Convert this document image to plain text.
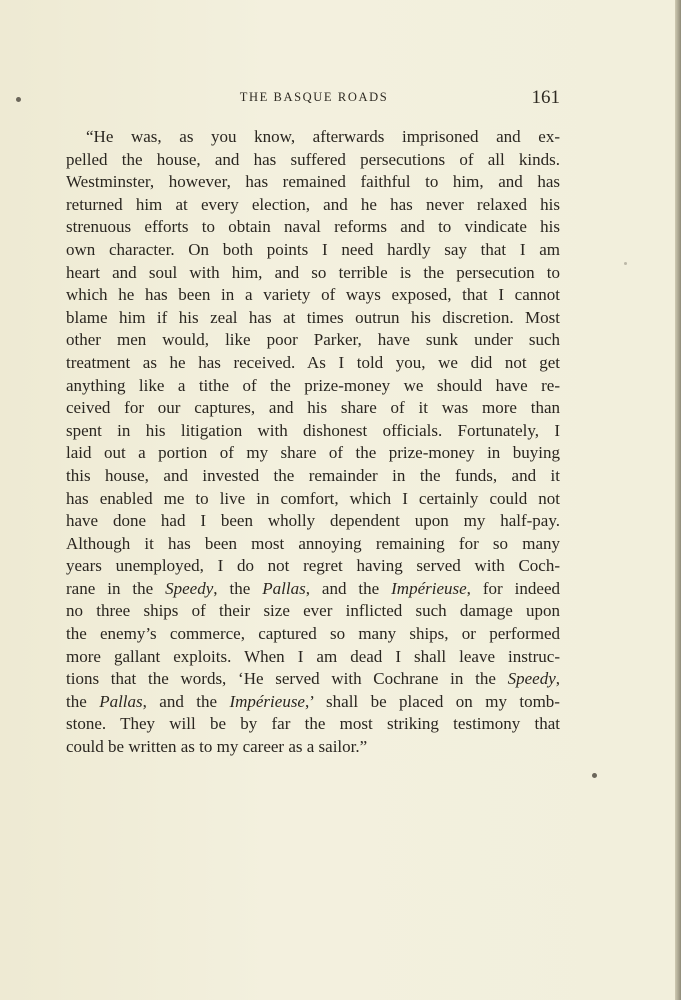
THE BASQUE ROADS	161

“He was, as you know, afterwards imprisoned and ex-
pelled the house, and has suffered persecutions of all kinds.
Westminster, however, has remained faithful to him, and has
returned him at every election, and he has never relaxed his
strenuous efforts to obtain naval reforms and to vindicate his
own character. On both points I need hardly say that I am
heart and soul with him, and so terrible is the persecution to
which he has been in a variety of ways exposed, that I cannot
blame him if his zeal has at times outrun his discretion. Most
other men would, like poor Parker, have sunk under such
treatment as he has received. As I told you, we did not get
anything like a tithe of the prize-money we should have re-
ceived for our captures, and his share of it was more than
spent in his litigation with dishonest officials. Fortunately, I
laid out a portion of my share of the prize-money in buying
this house, and invested the remainder in the funds, and it
has enabled me to live in comfort, which I certainly could not
have done had I been wholly dependent upon my half-pay.
Although it has been most annoying remaining for so many
years unemployed, I do not regret having served with Coch-
rane in the Speedy, the Pallas, and the Impérieuse, for indeed
no three ships of their size ever inflicted such damage upon
the enemy’s commerce, captured so many ships, or performed
more gallant exploits. When I am dead I shall leave instruc-
tions that the words, ‘He served with Cochrane in the Speedy,
the Pallas, and the Impérieuse,’ shall be placed on my tomb-
stone. They will be by far the most striking testimony that
could be written as to my career as a sailor.”
